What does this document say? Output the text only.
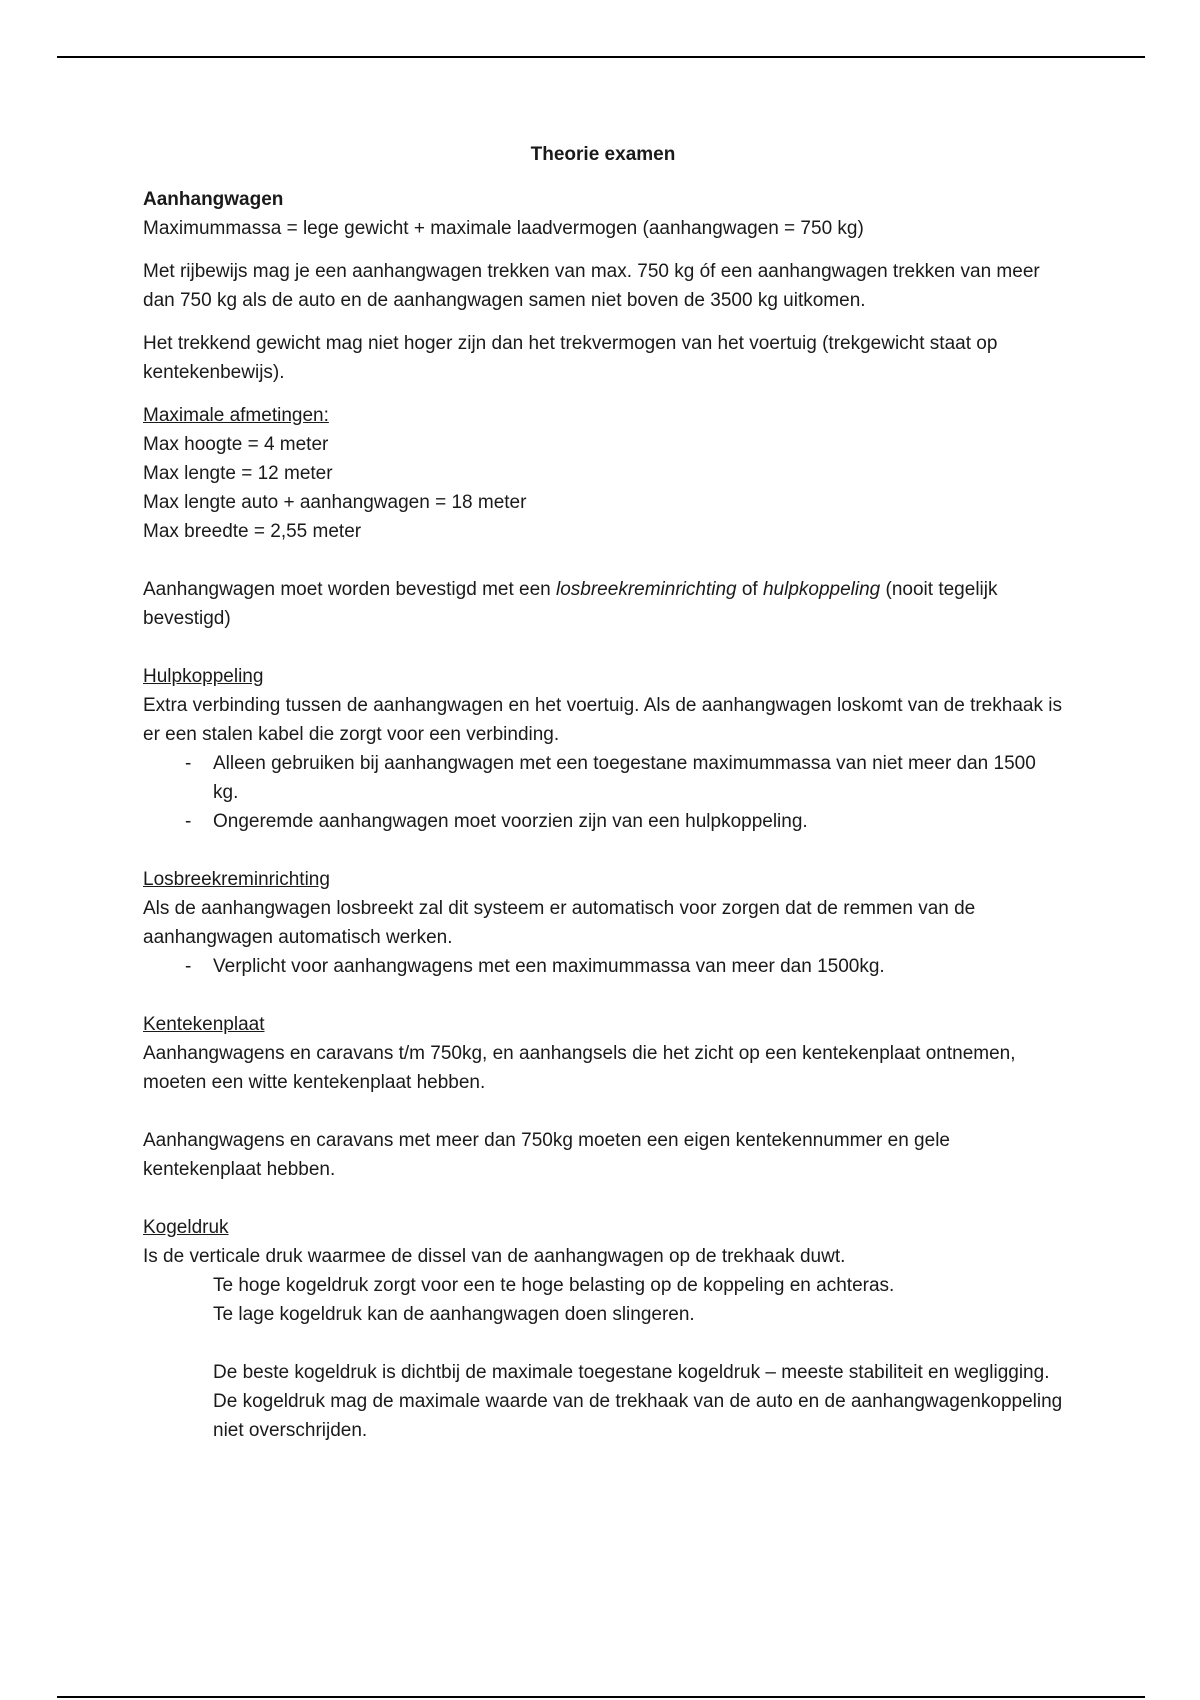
Theorie examen

Aanhangwagen

Maximummassa = lege gewicht + maximale laadvermogen (aanhangwagen = 750 kg)

Met rijbewijs mag je een aanhangwagen trekken van max. 750 kg óf een aanhangwagen trekken van meer dan 750 kg als de auto en de aanhangwagen samen niet boven de 3500 kg uitkomen.

Het trekkend gewicht mag niet hoger zijn dan het trekvermogen van het voertuig (trekgewicht staat op kentekenbewijs).

Maximale afmetingen:

Max hoogte = 4 meter

Max lengte = 12 meter

Max lengte auto + aanhangwagen = 18 meter

Max breedte = 2,55 meter

Aanhangwagen moet worden bevestigd met een losbreekreminrichting of hulpkoppeling (nooit tegelijk bevestigd)

Hulpkoppeling

Extra verbinding tussen de aanhangwagen en het voertuig. Als de aanhangwagen loskomt van de trekhaak is er een stalen kabel die zorgt voor een verbinding.

- Alleen gebruiken bij aanhangwagen met een toegestane maximummassa van niet meer dan 1500 kg.
- Ongeremde aanhangwagen moet voorzien zijn van een hulpkoppeling.

Losbreekreminrichting

Als de aanhangwagen losbreekt zal dit systeem er automatisch voor zorgen dat de remmen van de aanhangwagen automatisch werken.

- Verplicht voor aanhangwagens met een maximummassa van meer dan 1500kg.

Kentekenplaat

Aanhangwagens en caravans t/m 750kg, en aanhangsels die het zicht op een kentekenplaat ontnemen, moeten een witte kentekenplaat hebben.

Aanhangwagens en caravans met meer dan 750kg moeten een eigen kentekennummer en gele kentekenplaat hebben.

Kogeldruk

Is de verticale druk waarmee de dissel van de aanhangwagen op de trekhaak duwt.

Te hoge kogeldruk zorgt voor een te hoge belasting op de koppeling en achteras.

Te lage kogeldruk kan de aanhangwagen doen slingeren.

De beste kogeldruk is dichtbij de maximale toegestane kogeldruk – meeste stabiliteit en wegligging.

De kogeldruk mag de maximale waarde van de trekhaak van de auto en de aanhangwagenkoppeling niet overschrijden.
